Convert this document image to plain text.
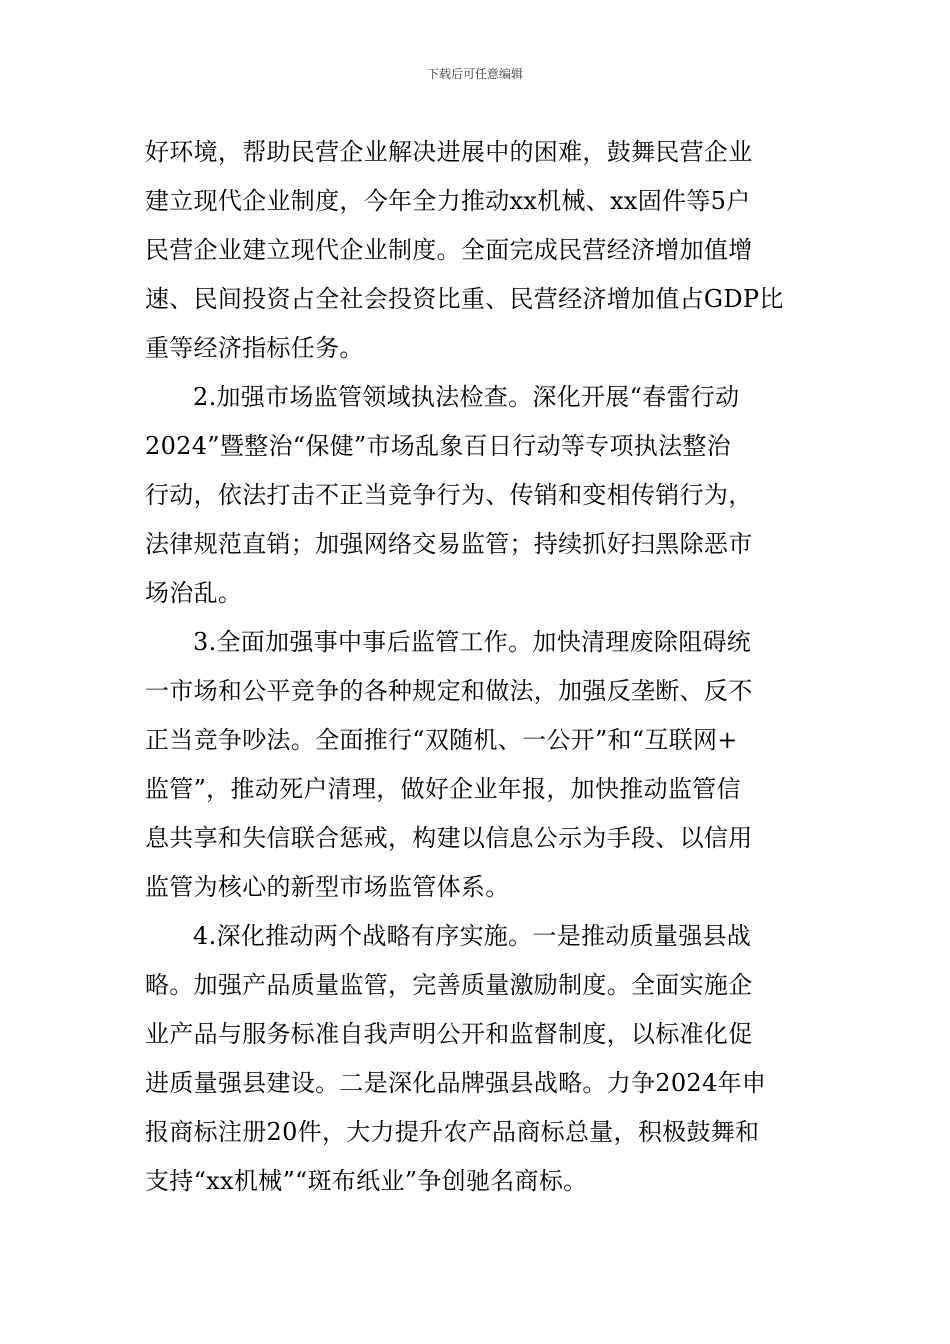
下载后可任意编辑
好环境，帮助民营企业解决进展中的困难，鼓舞民营企业
建立现代企业制度，今年全力推动xx机械、xx固件等5户
民营企业建立现代企业制度。全面完成民营经济增加值增
速、民间投资占全社会投资比重、民营经济增加值占GDP比
重等经济指标任务。
2.加强市场监管领域执法检查。深化开展“春雷行动
2024”暨整治“保健”市场乱象百日行动等专项执法整治
行动，依法打击不正当竞争行为、传销和变相传销行为，
法律规范直销；加强网络交易监管；持续抓好扫黑除恶市
场治乱。
3.全面加强事中事后监管工作。加快清理废除阻碍统
一市场和公平竞争的各种规定和做法，加强反垄断、反不
正当竞争吵法。全面推行“双随机、一公开”和“互联网+
监管”，推动死户清理，做好企业年报，加快推动监管信
息共享和失信联合惩戒，构建以信息公示为手段、以信用
监管为核心的新型市场监管体系。
4.深化推动两个战略有序实施。一是推动质量强县战
略。加强产品质量监管，完善质量激励制度。全面实施企
业产品与服务标准自我声明公开和监督制度，以标准化促
进质量强县建设。二是深化品牌强县战略。力争2024年申
报商标注册20件，大力提升农产品商标总量，积极鼓舞和
支持“xx机械”“斑布纸业”争创驰名商标。
